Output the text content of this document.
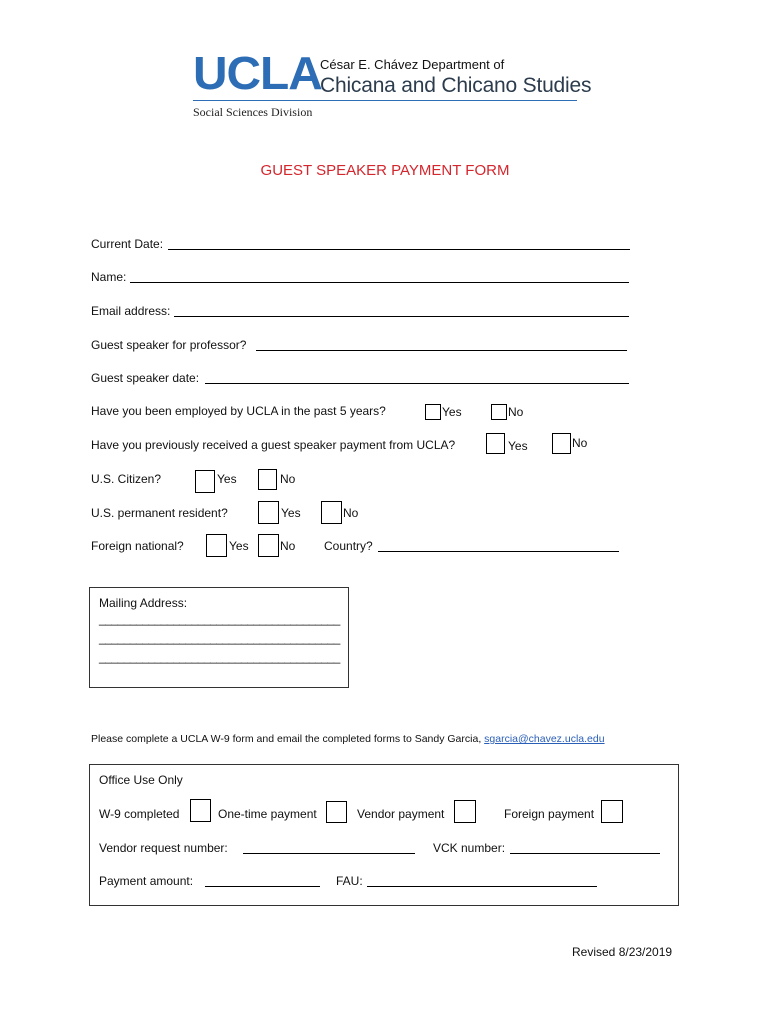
UCLA
César E. Chávez Department of
Chicana and Chicano Studies
Social Sciences Division
GUEST SPEAKER PAYMENT FORM
Current Date:
Name:
Email address:
Guest speaker for professor?
Guest speaker date:
Have you been employed by UCLA in the past 5 years?	Yes	No
Have you previously received a guest speaker payment from UCLA?	Yes	No
U.S. Citizen?	Yes	No
U.S. permanent resident?	Yes	No
Foreign national?	Yes	No Country?
Mailing Address:
_______________________________________
_______________________________________
_______________________________________
Please complete a UCLA W-9 form and email the completed forms to Sandy Garcia, sgarcia@chavez.ucla.edu
Office Use Only
W-9 completed	One-time payment	Vendor payment	Foreign payment
Vendor request number:	VCK number:
Payment amount:	FAU:
Revised 8/23/2019
